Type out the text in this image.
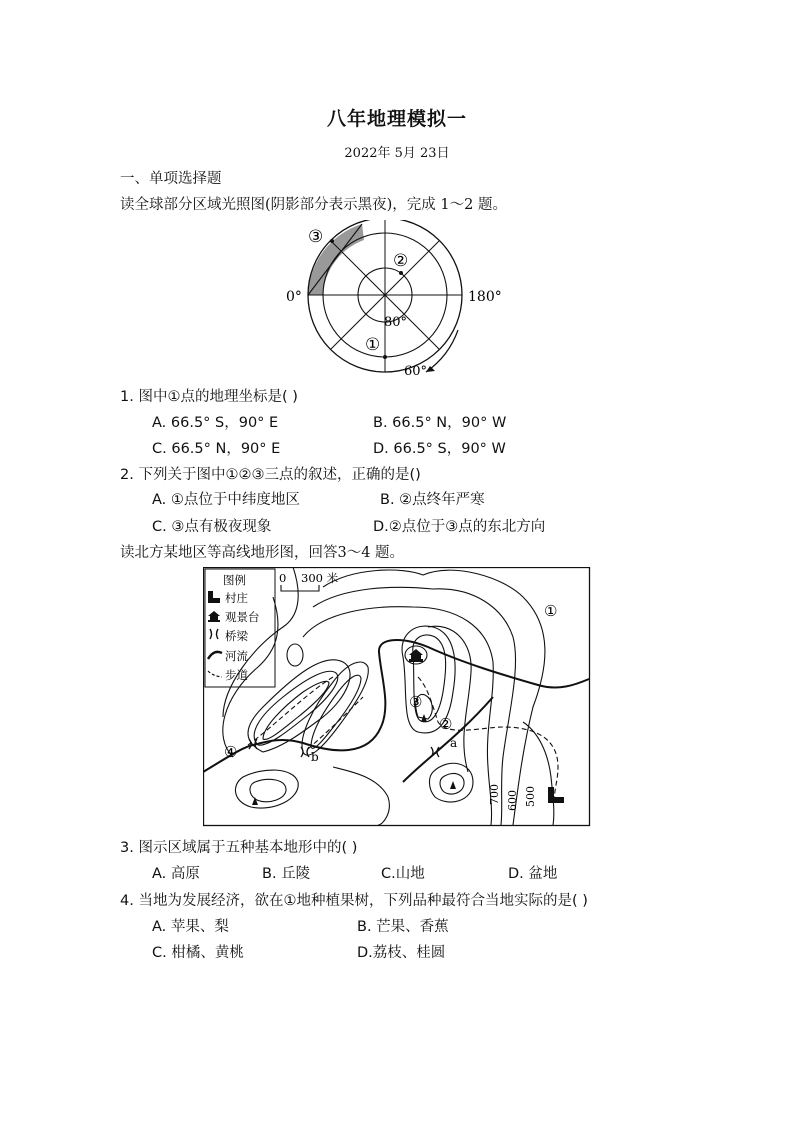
八年地理模拟一
2022年 5月 23日
一、单项选择题
读全球部分区域光照图(阴影部分表示黑夜)，完成 1～2 题。
0°	180°
80°
60°
③
②
①
1. 图中①点的地理坐标是( )
A. 66.5° S，90° E	B. 66.5° N，90° W
C. 66.5° N，90° E	D. 66.5° S，90° W
2. 下列关于图中①②③三点的叙述，正确的是()
A. ①点位于中纬度地区	B. ②点终年严寒
C. ③点有极夜现象	D.②点位于③点的东北方向
读北方某地区等高线地形图，回答3～4 题。
图例
村庄
观景台
桥梁
河流
步道
0 300 米
①
②
③
④	a
b
700 600 500
3. 图示区域属于五种基本地形中的( )
A. 高原	B. 丘陵	C.山地	D. 盆地
4. 当地为发展经济，欲在①地种植果树，下列品种最符合当地实际的是( )
A. 苹果、梨	B. 芒果、香蕉
C. 柑橘、黄桃	D.荔枝、桂圆
